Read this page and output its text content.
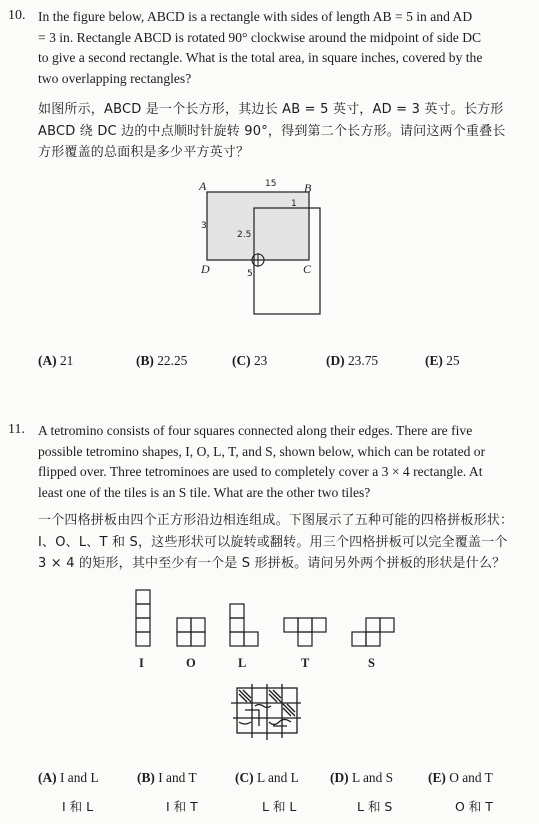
10. In the figure below, ABCD is a rectangle with sides of length AB = 5 in and AD
= 3 in. Rectangle ABCD is rotated 90° clockwise around the midpoint of side DC
to give a second rectangle. What is the total area, in square inches, covered by the
two overlapping rectangles?
如图所示，ABCD 是一个长方形，其边长 AB = 5 英寸，AD = 3 英寸。长方形
ABCD 绕 DC 边的中点顺时针旋转 90°，得到第二个长方形。请问这两个重叠长
方形覆盖的总面积是多少平方英寸？
A	B
C
D
15
3
2.5
1
5
(A) 21	(B) 22.25	(C) 23	(D) 23.75	(E) 25
11. A tetromino consists of four squares connected along their edges. There are five
possible tetromino shapes, I, O, L, T, and S, shown below, which can be rotated or
flipped over. Three tetrominoes are used to completely cover a 3 × 4 rectangle. At
least one of the tiles is an S tile. What are the other two tiles?
一个四格拼板由四个正方形沿边相连组成。下图展示了五种可能的四格拼板形状：
I、O、L、T 和 S，这些形状可以旋转或翻转。用三个四格拼板可以完全覆盖一个
3 × 4 的矩形，其中至少有一个是 S 形拼板。请问另外两个拼板的形状是什么？
I	O	L	T	S
(A) I and L	(B) I and T	(C) L and L (D) L and S	(E) O and T
I 和 L	I 和 T	L 和 L	L 和 S	O 和 T
